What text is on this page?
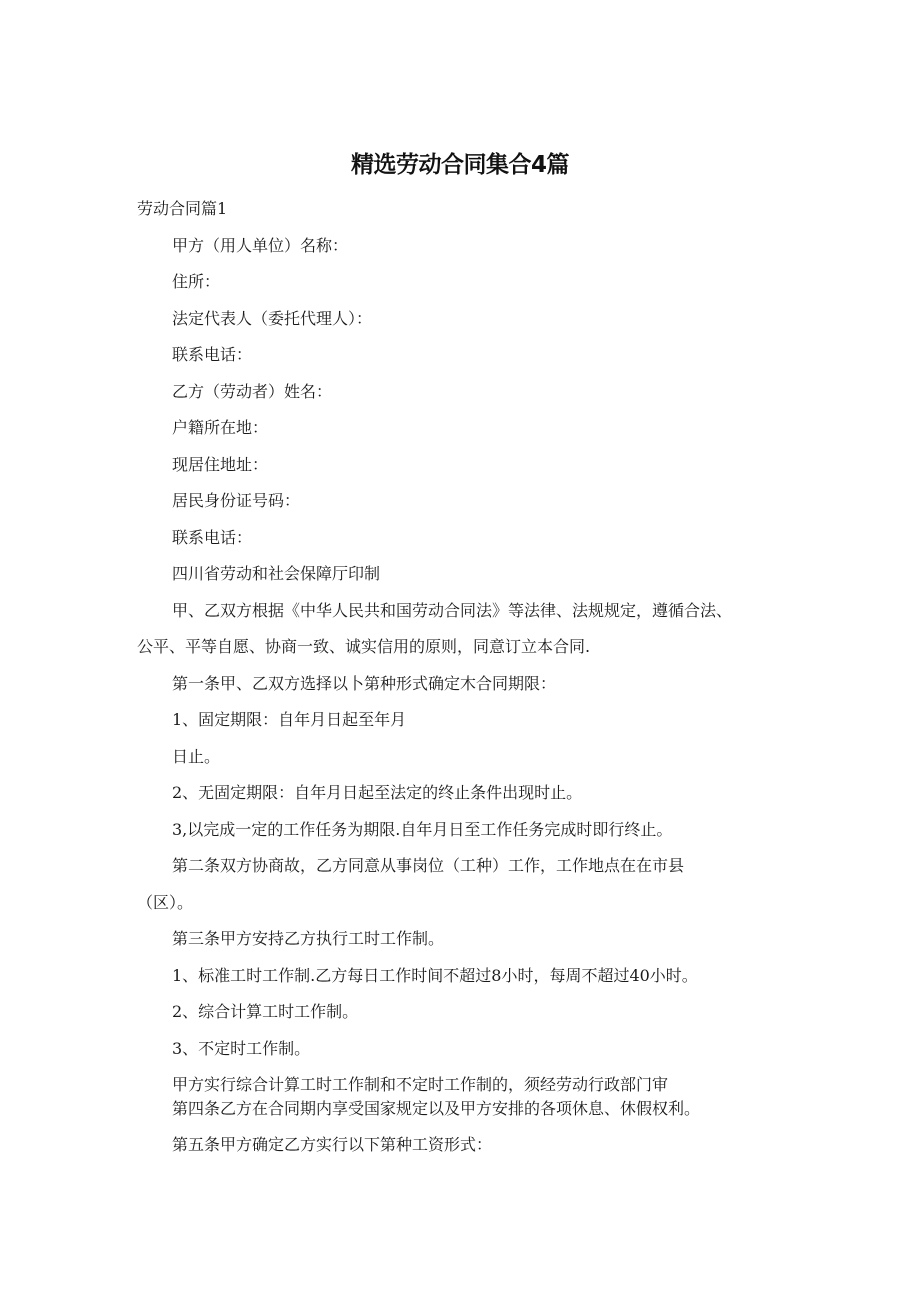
精选劳动合同集合4篇
劳动合同篇1
甲方（用人单位）名称：
住所：
法定代表人（委托代理人）：
联系电话：
乙方（劳动者）姓名：
户籍所在地：
现居住地址：
居民身份证号码：
联系电话：
四川省劳动和社会保障厅印制
甲、乙双方根据《中华人民共和国劳动合同法》等法律、法规规定，遵循合法、
公平、平等自愿、协商一致、诚实信用的原则，同意订立本合同.
第一条甲、乙双方选择以卜第种形式确定木合同期限：
1、固定期限：自年月日起至年月
日止。
2、无固定期限：自年月日起至法定的终止条件出现时止。
3,以完成一定的工作任务为期限.自年月日至工作任务完成时即行终止。
第二条双方协商故，乙方同意从事岗位（工种）工作，工作地点在在市县
（区）。
第三条甲方安持乙方执行工时工作制。
1、标准工时工作制.乙方每日工作时间不超过8小时，每周不超过40小时。
2、综合计算工时工作制。
3、不定时工作制。
甲方实行综合计算工时工作制和不定时工作制的，须经劳动行政部门审
第四条乙方在合同期内享受国家规定以及甲方安排的各项休息、休假权利。
第五条甲方确定乙方实行以下第种工资形式：
